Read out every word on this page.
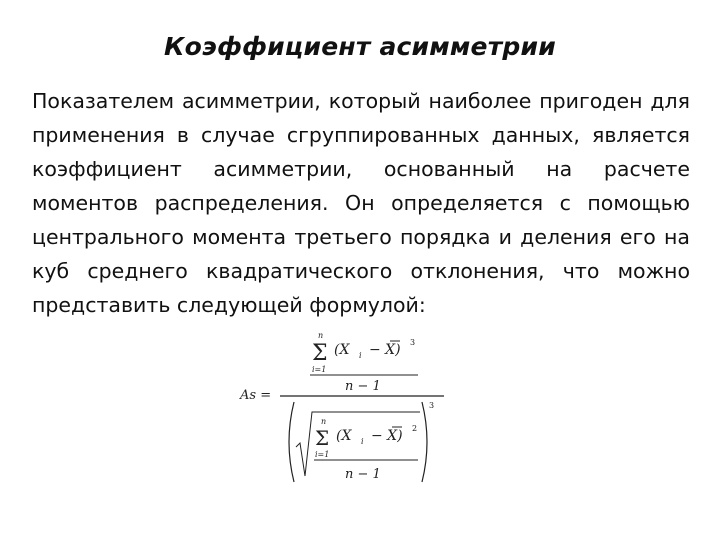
Коэффициент асимметрии
Показателем асимметрии, который наиболее пригоден для применения в случае сгруппированных данных, является коэффициент асимметрии, основанный на расчете моментов распределения. Он определяется с помощью центрального момента третьего порядка и деления его на куб среднего квадратического отклонения, что можно представить следующей формулой:
As =
n
Σ
i=1
(X i − X) 3
n − 1
3
n
Σ
i=1
(X i − X) 2
n − 1
